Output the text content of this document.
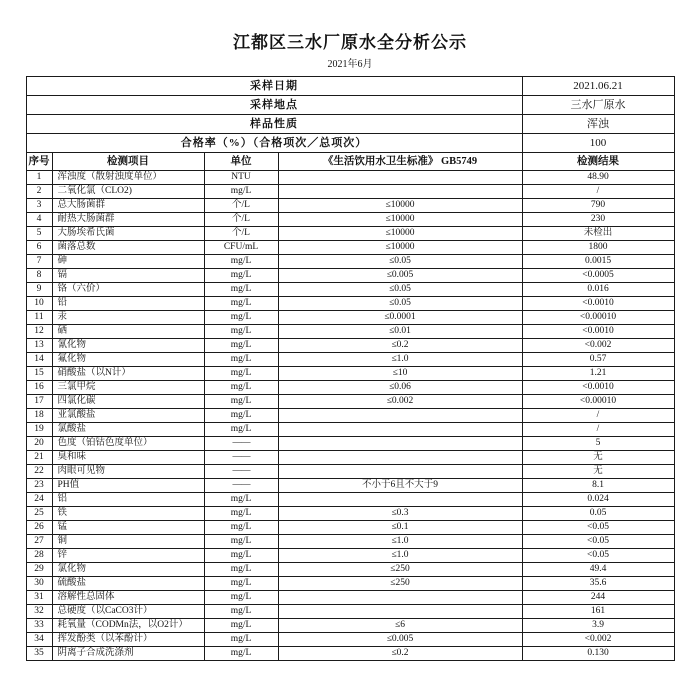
江都区三水厂原水全分析公示
2021年6月
采样日期				2021.06.21
采样地点				三水厂原水
样品性质				浑浊
合格率（%）（合格项次／总项次）				100
序号	检测项目	单位	《生活饮用水卫生标准》 GB5749	检测结果
1	浑浊度（散射浊度单位）	NTU		48.90
2	二氧化氯（CLO2)	mg/L		/
3	总大肠菌群	个/L	≤10000	790
4	耐热大肠菌群	个/L	≤10000	230
5	大肠埃希氏菌	个/L	≤10000	未检出
6	菌落总数	CFU/mL	≤10000	1800
7	砷	mg/L	≤0.05	0.0015
8	镉	mg/L	≤0.005	<0.0005
9	铬（六价）	mg/L	≤0.05	0.016
10	铅	mg/L	≤0.05	<0.0010
11	汞	mg/L	≤0.0001	<0.00010
12	硒	mg/L	≤0.01	<0.0010
13	氰化物	mg/L	≤0.2	<0.002
14	氟化物	mg/L	≤1.0	0.57
15	硝酸盐（以N计）	mg/L	≤10	1.21
16	三氯甲烷	mg/L	≤0.06	<0.0010
17	四氯化碳	mg/L	≤0.002	<0.00010
18	亚氯酸盐	mg/L		/
19	氯酸盐	mg/L		/
20	色度（铂钴色度单位）	——		5
21	臭和味	——		无
22	肉眼可见物	——		无
23	PH值	——	不小于6且不大于9	8.1
24	铝	mg/L		0.024
25	铁	mg/L	≤0.3	0.05
26	锰	mg/L	≤0.1	<0.05
27	铜	mg/L	≤1.0	<0.05
28	锌	mg/L	≤1.0	<0.05
29	氯化物	mg/L	≤250	49.4
30	硫酸盐	mg/L	≤250	35.6
31	溶解性总固体	mg/L		244
32	总硬度（以CaCO3计）	mg/L		161
33	耗氧量（CODMn法，以O2计）	mg/L	≤6	3.9
34	挥发酚类（以苯酚计）	mg/L	≤0.005	<0.002
35	阴离子合成洗涤剂	mg/L	≤0.2	0.130
